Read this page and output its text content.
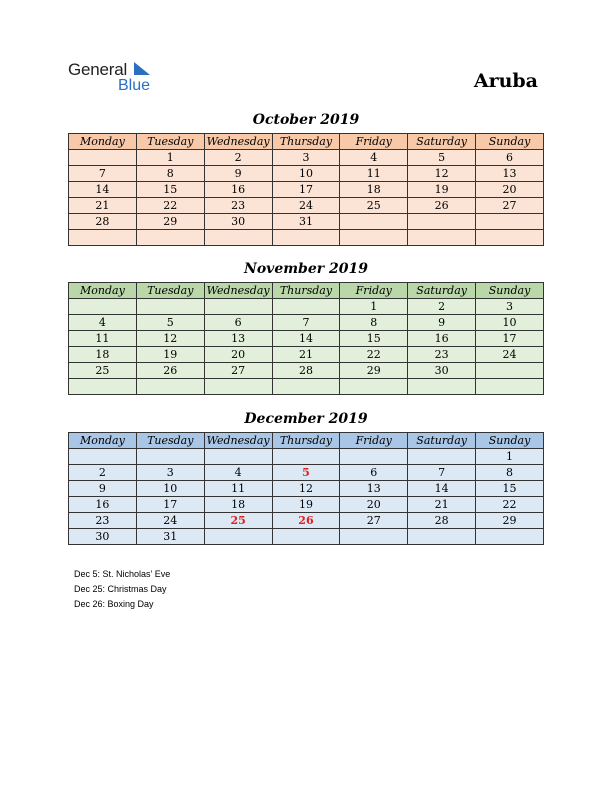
General
Blue	Aruba
October 2019
Monday	Tuesday	Wednesday	Thursday	Friday	Saturday	Sunday
	1	2	3	4	5	6
7	8	9	10	11	12	13
14	15	16	17	18	19	20
21	22	23	24	25	26	27
28	29	30	31			

November 2019
Monday	Tuesday	Wednesday	Thursday	Friday	Saturday	Sunday
				1	2	3
4	5	6	7	8	9	10
11	12	13	14	15	16	17
18	19	20	21	22	23	24
25	26	27	28	29	30	

December 2019
Monday	Tuesday	Wednesday	Thursday	Friday	Saturday	Sunday
						1
2	3	4	5	6	7	8
9	10	11	12	13	14	15
16	17	18	19	20	21	22
23	24	25	26	27	28	29
30	31					
Dec 5: St. Nicholas’ Eve
Dec 25: Christmas Day
Dec 26: Boxing Day
